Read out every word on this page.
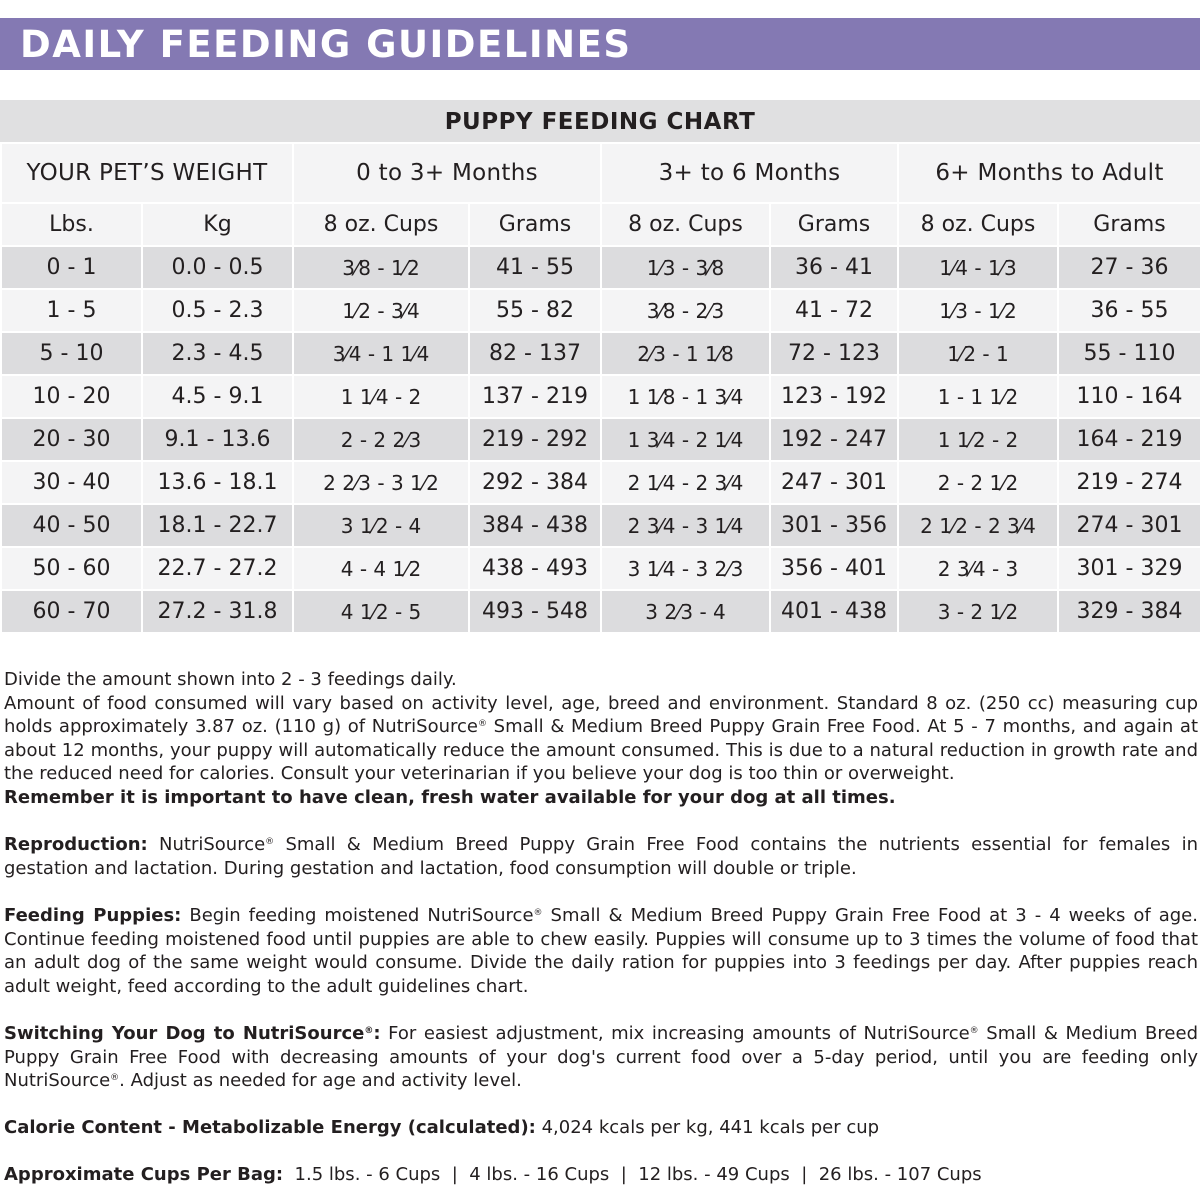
DAILY FEEDING GUIDELINES
PUPPY FEEDING CHART
YOUR PET’S WEIGHT		0 to 3+ Months		3+ to 6 Months		6+ Months to Adult	
Lbs.	Kg	8 oz. Cups	Grams	8 oz. Cups	Grams	8 oz. Cups	Grams
0 - 1	0.0 - 0.5	3⁄8 - 1⁄2	41 - 55	1⁄3 - 3⁄8	36 - 41	1⁄4 - 1⁄3	27 - 36
1 - 5	0.5 - 2.3	1⁄2 - 3⁄4	55 - 82	3⁄8 - 2⁄3	41 - 72	1⁄3 - 1⁄2	36 - 55
5 - 10	2.3 - 4.5	3⁄4 - 1 1⁄4	82 - 137	2⁄3 - 1 1⁄8	72 - 123	1⁄2 - 1	55 - 110
10 - 20	4.5 - 9.1	1 1⁄4 - 2	137 - 219	1 1⁄8 - 1 3⁄4	123 - 192	1 - 1 1⁄2	110 - 164
20 - 30	9.1 - 13.6	2 - 2 2⁄3	219 - 292	1 3⁄4 - 2 1⁄4	192 - 247	1 1⁄2 - 2	164 - 219
30 - 40	13.6 - 18.1	2 2⁄3 - 3 1⁄2	292 - 384	2 1⁄4 - 2 3⁄4	247 - 301	2 - 2 1⁄2	219 - 274
40 - 50	18.1 - 22.7	3 1⁄2 - 4	384 - 438	2 3⁄4 - 3 1⁄4	301 - 356	2 1⁄2 - 2 3⁄4	274 - 301
50 - 60	22.7 - 27.2	4 - 4 1⁄2	438 - 493	3 1⁄4 - 3 2⁄3	356 - 401	2 3⁄4 - 3	301 - 329
60 - 70	27.2 - 31.8	4 1⁄2 - 5	493 - 548	3 2⁄3 - 4	401 - 438	3 - 2 1⁄2	329 - 384

Divide the amount shown into 2 - 3 feedings daily.

Amount of food consumed will vary based on activity level, age, breed and environment. Standard 8 oz. (250 cc) measuring cup holds approximately 3.87 oz. (110 g) of NutriSource® Small & Medium Breed Puppy Grain Free Food. At 5 - 7 months, and again at about 12 months, your puppy will automatically reduce the amount consumed. This is due to a natural reduction in growth rate and the reduced need for calories. Consult your veterinarian if you believe your dog is too thin or overweight.

Remember it is important to have clean, fresh water available for your dog at all times.

Reproduction: NutriSource® Small & Medium Breed Puppy Grain Free Food contains the nutrients essential for females in gestation and lactation. During gestation and lactation, food consumption will double or triple.

Feeding Puppies: Begin feeding moistened NutriSource® Small & Medium Breed Puppy Grain Free Food at 3 - 4 weeks of age. Continue feeding moistened food until puppies are able to chew easily. Puppies will consume up to 3 times the volume of food that an adult dog of the same weight would consume. Divide the daily ration for puppies into 3 feedings per day. After puppies reach adult weight, feed according to the adult guidelines chart.

Switching Your Dog to NutriSource®: For easiest adjustment, mix increasing amounts of NutriSource® Small & Medium Breed Puppy Grain Free Food with decreasing amounts of your dog's current food over a 5-day period, until you are feeding only NutriSource®. Adjust as needed for age and activity level.

Calorie Content - Metabolizable Energy (calculated): 4,024 kcals per kg, 441 kcals per cup

Approximate Cups Per Bag:  1.5 lbs. - 6 Cups  |  4 lbs. - 16 Cups  |  12 lbs. - 49 Cups  |  26 lbs. - 107 Cups
